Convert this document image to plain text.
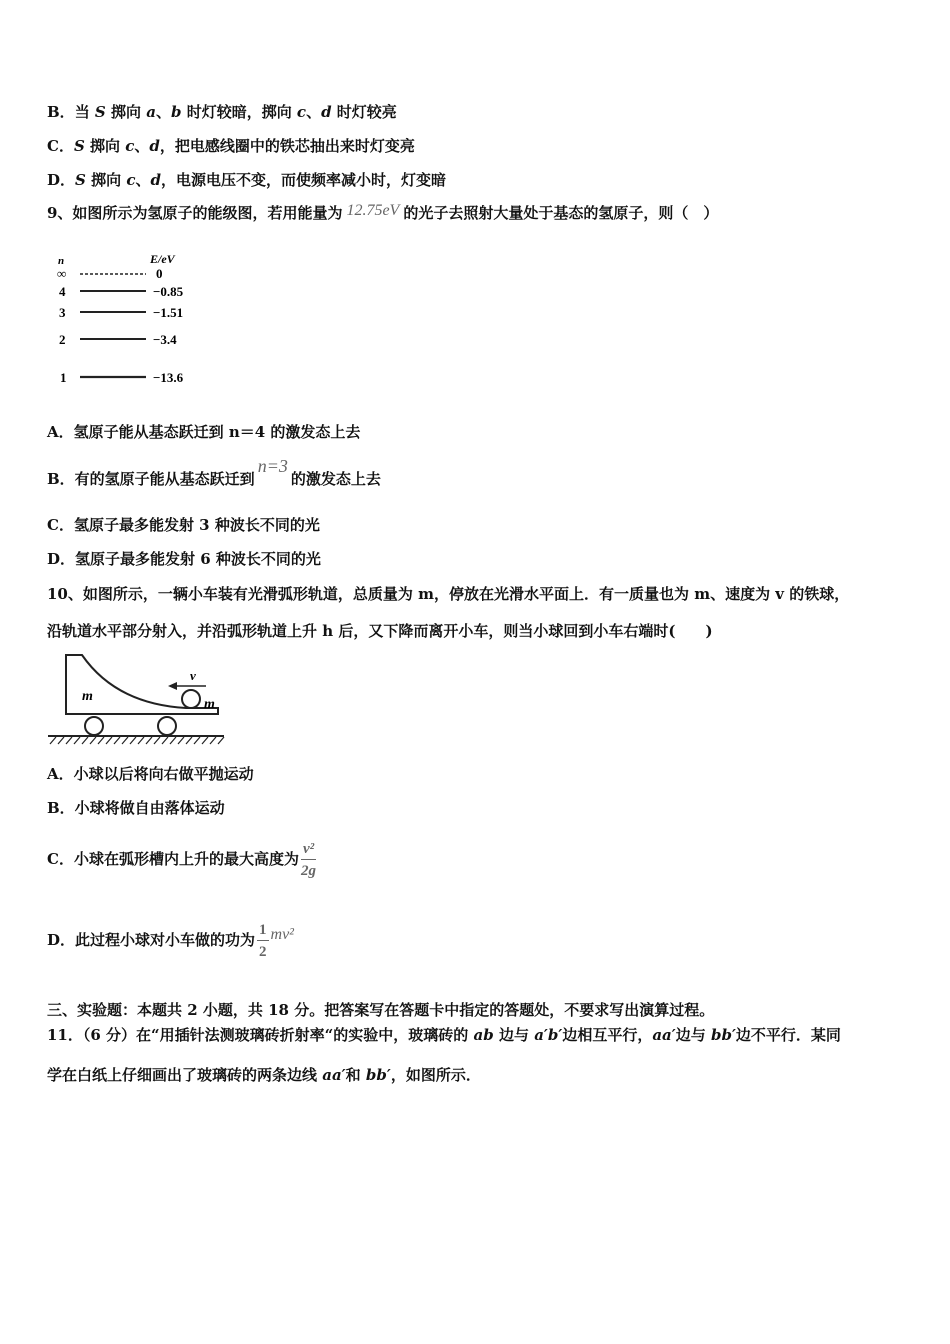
B．当 S 掷向 a、b 时灯较暗，掷向 c、d 时灯较亮
C．S 掷向 c、d，把电感线圈中的铁芯抽出来时灯变亮
D．S 掷向 c、d，电源电压不变，而使频率减小时，灯变暗
9、如图所示为氢原子的能级图，若用能量为 12.75eV 的光子去照射大量处于基态的氢原子，则（　）
n	E/eV
∞	0
4	−0.85
3	−1.51
2	−3.4
1	−13.6
A．氢原子能从基态跃迁到 n＝4 的激发态上去
B．有的氢原子能从基态跃迁到n=3的激发态上去
C．氢原子最多能发射 3 种波长不同的光
D．氢原子最多能发射 6 种波长不同的光
10、如图所示，一辆小车装有光滑弧形轨道，总质量为 m，停放在光滑水平面上．有一质量也为 m、速度为 v 的铁球，
沿轨道水平部分射入，并沿弧形轨道上升 h 后，又下降而离开小车，则当小球回到小车右端时(　　)
v
m
m
A．小球以后将向右做平抛运动
B．小球将做自由落体运动
C．小球在弧形槽内上升的最大高度为 $\frac{\text{v²}}{2g}$
D．此过程小球对小车做的功为 $\frac{1}{2} mv^2$
三、实验题：本题共 2 小题，共 18 分。把答案写在答题卡中指定的答题处，不要求写出演算过程。
11．（6 分）在“用插针法测玻璃砖折射率“的实验中，玻璃砖的 ab 边与 a′b′边相互平行，aa′边与 bb′边不平行．某同
学在白纸上仔细画出了玻璃砖的两条边线 aa′和 bb′，如图所示．
